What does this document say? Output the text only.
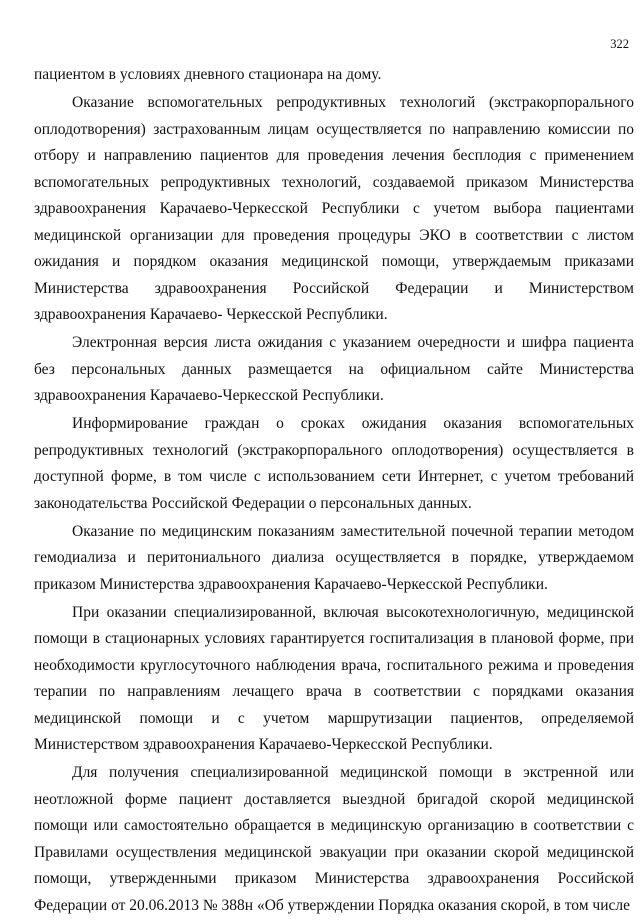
322

пациентом в условиях дневного стационара на дому.

Оказание вспомогательных репродуктивных технологий (экстракорпорального оплодотворения) застрахованным лицам осуществляется по направлению комиссии по отбору и направлению пациентов для проведения лечения бесплодия с применением вспомогательных репродуктивных технологий, создаваемой приказом Министерства здравоохранения Карачаево-Черкесской Республики с учетом выбора пациентами медицинской организации для проведения процедуры ЭКО в соответствии с листом ожидания и порядком оказания медицинской помощи, утверждаемым приказами Министерства здравоохранения Российской Федерации и Министерством здравоохранения Карачаево- Черкесской Республики.

Электронная версия листа ожидания с указанием очередности и шифра пациента без персональных данных размещается на официальном сайте Министерства здравоохранения Карачаево-Черкесской Республики.

Информирование граждан о сроках ожидания оказания вспомогательных репродуктивных технологий (экстракорпорального оплодотворения) осуществляется в доступной форме, в том числе с использованием сети Интернет, с учетом требований законодательства Российской Федерации о персональных данных.

Оказание по медицинским показаниям заместительной почечной терапии методом гемодиализа и перитониального диализа осуществляется в порядке, утверждаемом приказом Министерства здравоохранения Карачаево-Черкесской Республики.

При оказании специализированной, включая высокотехнологичную, медицинской помощи в стационарных условиях гарантируется госпитализация в плановой форме, при необходимости круглосуточного наблюдения врача, госпитального режима и проведения терапии по направлениям лечащего врача в соответствии с порядками оказания медицинской помощи и с учетом маршрутизации пациентов, определяемой Министерством здравоохранения Карачаево-Черкесской Республики.

Для получения специализированной медицинской помощи в экстренной или неотложной форме пациент доставляется выездной бригадой скорой медицинской помощи или самостоятельно обращается в медицинскую организацию в соответствии с Правилами осуществления медицинской эвакуации при оказании скорой медицинской помощи, утвержденными приказом Министерства здравоохранения Российской Федерации от 20.06.2013 № 388н «Об утверждении Порядка оказания скорой, в том числе
